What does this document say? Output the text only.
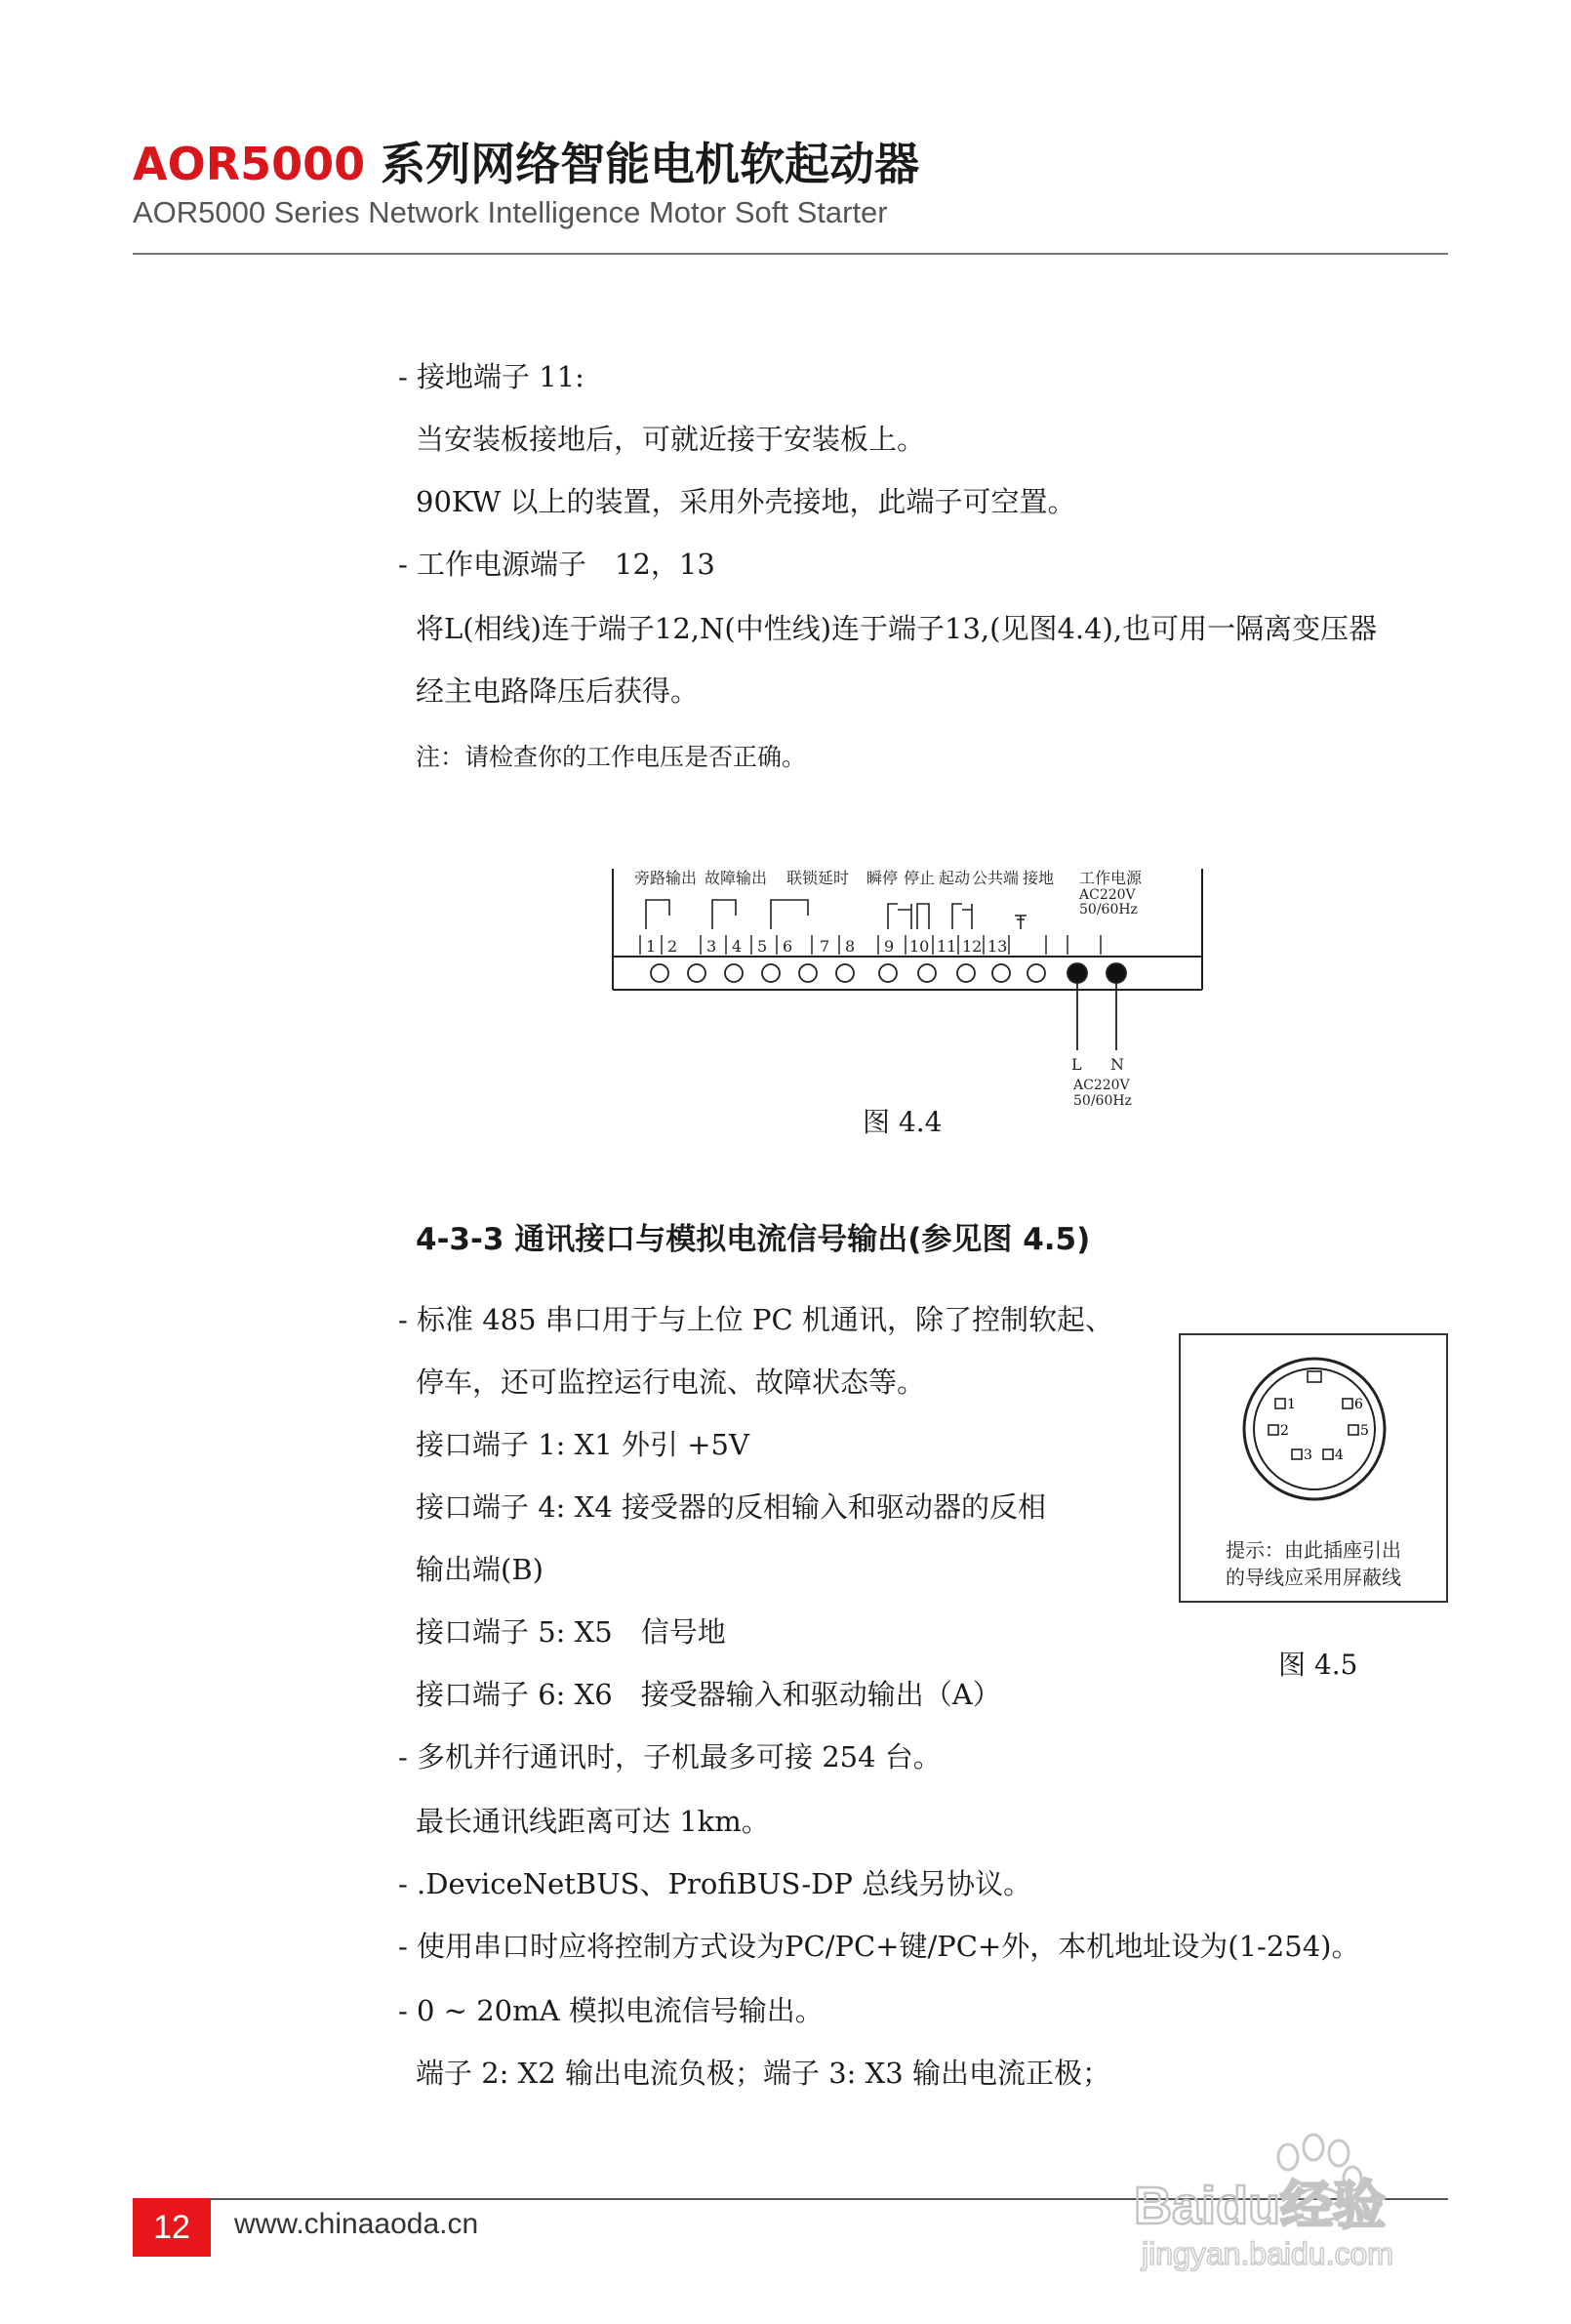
AOR5000 系列网络智能电机软起动器
AOR5000 Series Network Intelligence Motor Soft Starter
- 接地端子 11:
当安装板接地后，可就近接于安装板上。
90KW 以上的装置，采用外壳接地，此端子可空置。
- 工作电源端子　12，13
将L(相线)连于端子12,N(中性线)连于端子13,(见图4.4),也可用一隔离变压器
经主电路降压后获得。
注：请检查你的工作电压是否正确。
旁路输出 故障输出 联锁延时 瞬停 停止 起动 公共端 接地 工作电源
AC220V
50/60Hz
1 2 3 4 5 6 7 8 9 10 11 12 13
L N
AC220V
50/60Hz
图 4.4
4-3-3 通讯接口与模拟电流信号输出(参见图 4.5)
- 标准 485 串口用于与上位 PC 机通讯，除了控制软起、
停车，还可监控运行电流、故障状态等。
接口端子 1: X1 外引 +5V
接口端子 4: X4 接受器的反相输入和驱动器的反相
输出端(B)
接口端子 5: X5　信号地
接口端子 6: X6　接受器输入和驱动输出（A）
- 多机并行通讯时，子机最多可接 254 台。
最长通讯线距离可达 1km。
- .DeviceNetBUS、ProfiBUS-DP 总线另协议。
- 使用串口时应将控制方式设为PC/PC+键/PC+外，本机地址设为(1-254)。
- 0 ~ 20mA 模拟电流信号输出。
端子 2: X2 输出电流负极；端子 3: X3 输出电流正极；
1	6
2	5
3 4
提示：由此插座引出
的导线应采用屏蔽线
图 4.5
12	www.chinaaoda.cn	Baidu经验
jingyan.baidu.com
